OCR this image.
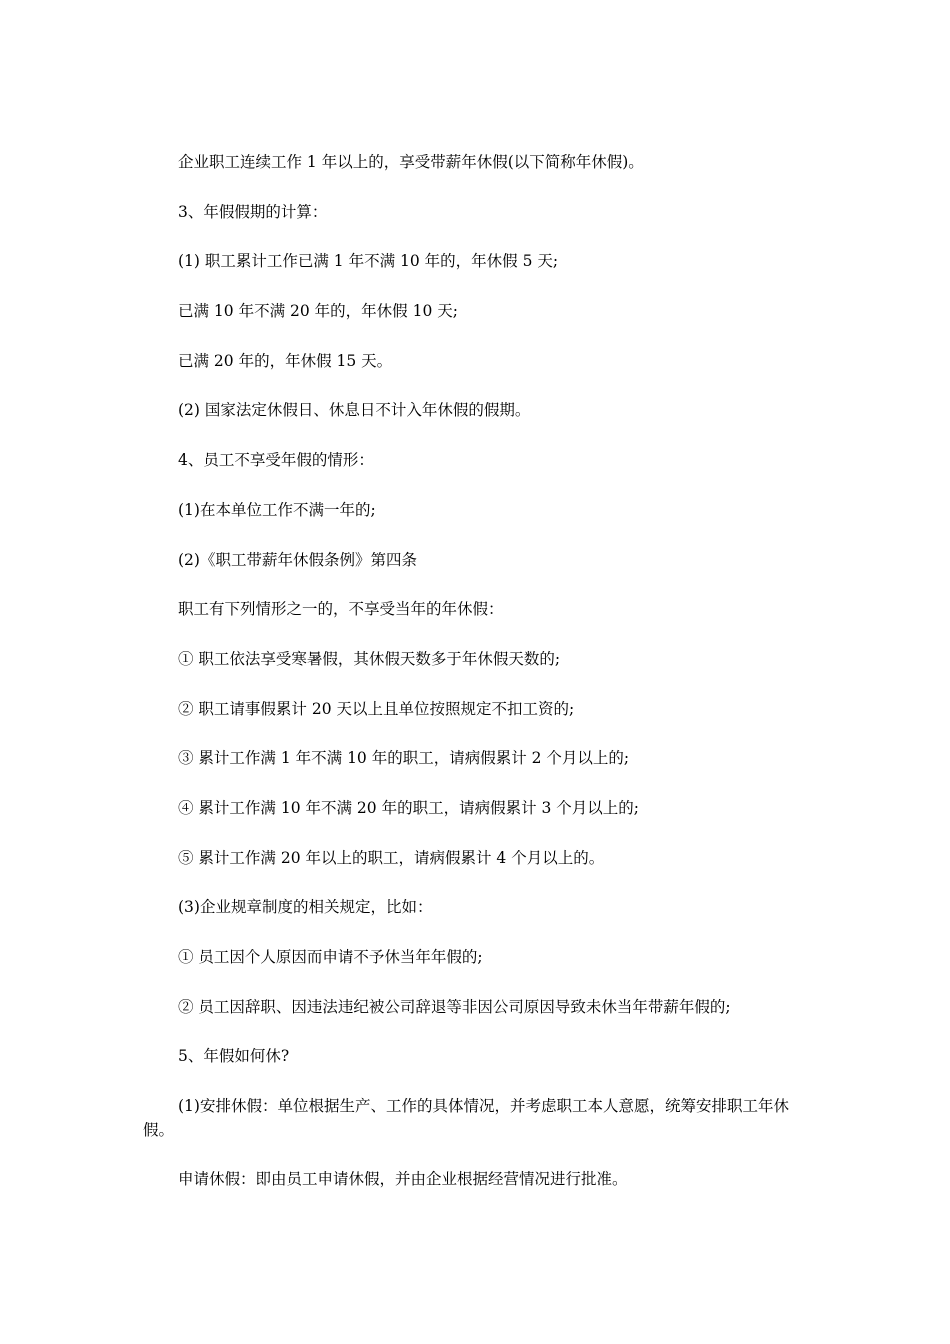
企业职工连续工作 1 年以上的，享受带薪年休假(以下简称年休假)。

3、年假假期的计算：

(1) 职工累计工作已满 1 年不满 10 年的，年休假 5 天;

已满 10 年不满 20 年的，年休假 10 天;

已满 20 年的，年休假 15 天。

(2) 国家法定休假日、休息日不计入年休假的假期。

4、员工不享受年假的情形：

(1)在本单位工作不满一年的;

(2)《职工带薪年休假条例》第四条

职工有下列情形之一的，不享受当年的年休假：

① 职工依法享受寒暑假，其休假天数多于年休假天数的;

② 职工请事假累计 20 天以上且单位按照规定不扣工资的;

③ 累计工作满 1 年不满 10 年的职工，请病假累计 2 个月以上的;

④ 累计工作满 10 年不满 20 年的职工，请病假累计 3 个月以上的;

⑤ 累计工作满 20 年以上的职工，请病假累计 4 个月以上的。

(3)企业规章制度的相关规定，比如：

① 员工因个人原因而申请不予休当年年假的;

② 员工因辞职、因违法违纪被公司辞退等非因公司原因导致未休当年带薪年假的;

5、年假如何休?

(1)安排休假：单位根据生产、工作的具体情况，并考虑职工本人意愿，统筹安排职工年休假。

申请休假：即由员工申请休假，并由企业根据经营情况进行批准。
